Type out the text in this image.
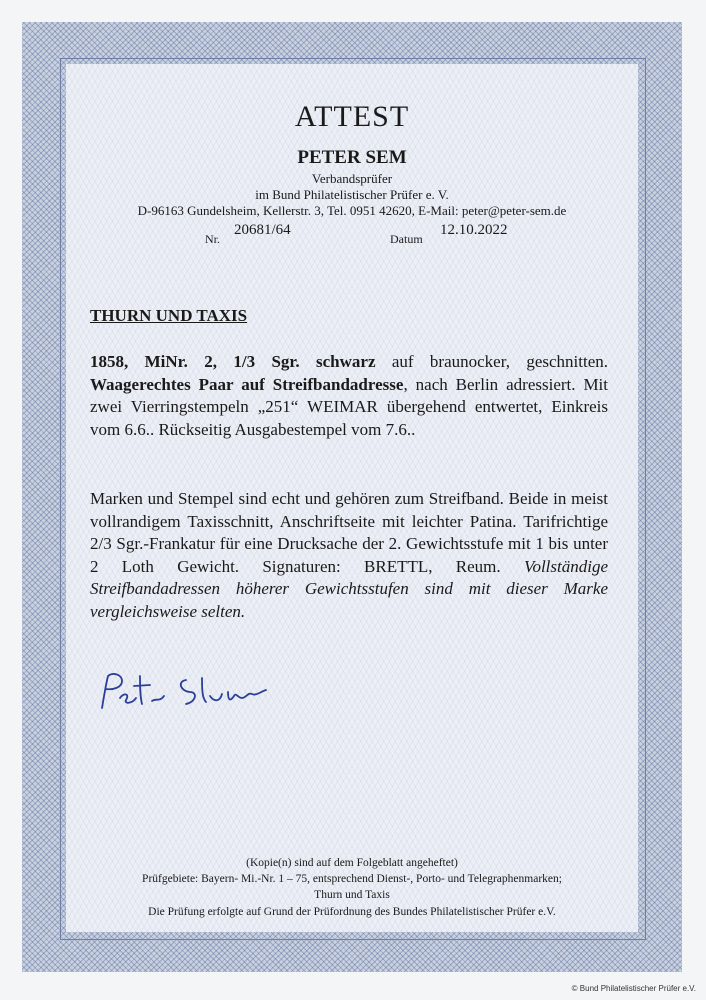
ATTEST
PETER SEM
Verbandsprüfer
im Bund Philatelistischer Prüfer e. V.
D-96163 Gundelsheim, Kellerstr. 3, Tel. 0951 42620, E-Mail: peter@peter-sem.de
Nr.
20681/64
Datum
12.10.2022
THURN UND TAXIS
1858, MiNr. 2, 1/3 Sgr. schwarz auf braunocker, geschnitten. Waagerechtes Paar auf Streifbandadresse, nach Berlin adressiert. Mit zwei Vierringstempeln „251“ WEIMAR übergehend entwertet, Einkreis vom 6.6.. Rückseitig Ausgabestempel vom 7.6..
Marken und Stempel sind echt und gehören zum Streifband. Beide in meist vollrandigem Taxisschnitt, Anschriftseite mit leichter Patina. Tarifrichtige 2/3 Sgr.-Frankatur für eine Drucksache der 2. Gewichtsstufe mit 1 bis unter 2 Loth Gewicht. Signaturen: BRETTL, Reum. Vollständige Streifbandadressen höherer Gewichtsstufen sind mit dieser Marke vergleichsweise selten.
(Kopie(n) sind auf dem Folgeblatt angeheftet)
Prüfgebiete: Bayern- Mi.-Nr. 1 – 75, entsprechend Dienst-, Porto- und Telegraphenmarken;
Thurn und Taxis
Die Prüfung erfolgte auf Grund der Prüfordnung des Bundes Philatelistischer Prüfer e.V.
© Bund Philatelistischer Prüfer e.V.
